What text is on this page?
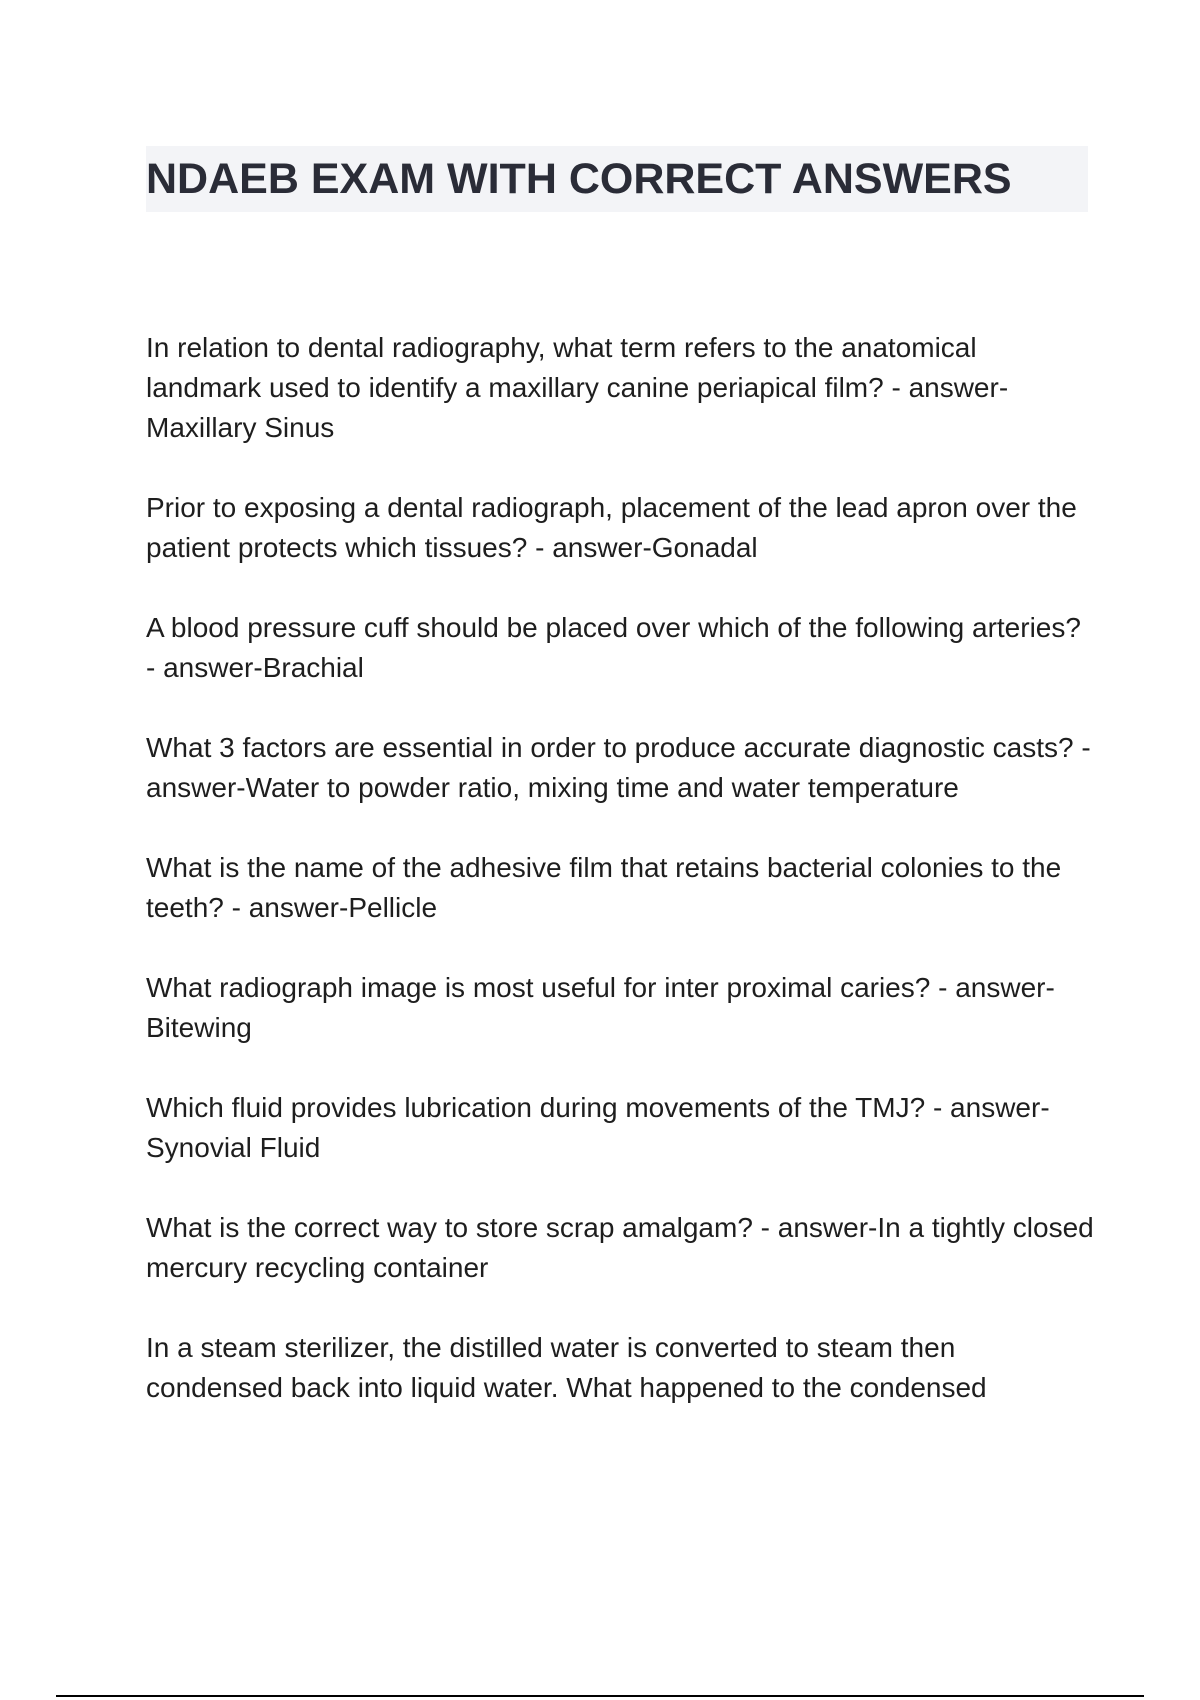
NDAEB EXAM WITH CORRECT ANSWERS

In relation to dental radiography, what term refers to the anatomical landmark used to identify a maxillary canine periapical film? - answer-Maxillary Sinus

Prior to exposing a dental radiograph, placement of the lead apron over the patient protects which tissues? - answer-Gonadal

A blood pressure cuff should be placed over which of the following arteries? - answer-Brachial

What 3 factors are essential in order to produce accurate diagnostic casts? - answer-Water to powder ratio, mixing time and water temperature

What is the name of the adhesive film that retains bacterial colonies to the teeth? - answer-Pellicle

What radiograph image is most useful for inter proximal caries? - answer-Bitewing

Which fluid provides lubrication during movements of the TMJ? - answer-Synovial Fluid

What is the correct way to store scrap amalgam? - answer-In a tightly closed mercury recycling container

In a steam sterilizer, the distilled water is converted to steam then condensed back into liquid water. What happened to the condensed
